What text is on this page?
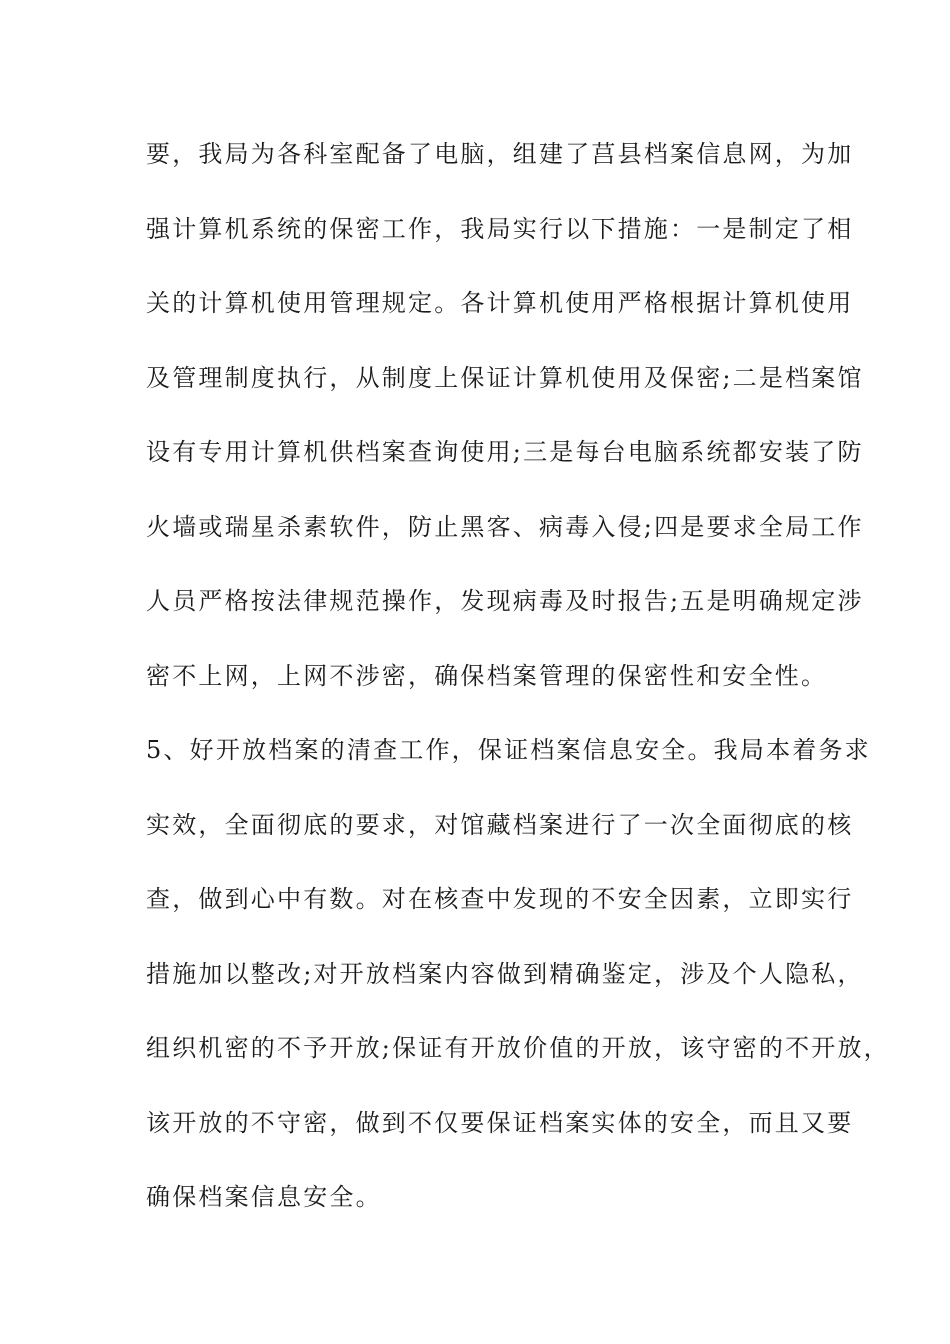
要，我局为各科室配备了电脑，组建了莒县档案信息网，为加
强计算机系统的保密工作，我局实行以下措施：一是制定了相
关的计算机使用管理规定。各计算机使用严格根据计算机使用
及管理制度执行，从制度上保证计算机使用及保密;二是档案馆
设有专用计算机供档案查询使用;三是每台电脑系统都安装了防
火墙或瑞星杀素软件，防止黑客、病毒入侵;四是要求全局工作
人员严格按法律规范操作，发现病毒及时报告;五是明确规定涉
密不上网，上网不涉密，确保档案管理的保密性和安全性。
5、好开放档案的清查工作，保证档案信息安全。我局本着务求
实效，全面彻底的要求，对馆藏档案进行了一次全面彻底的核
查，做到心中有数。对在核查中发现的不安全因素，立即实行
措施加以整改;对开放档案内容做到精确鉴定，涉及个人隐私，
组织机密的不予开放;保证有开放价值的开放，该守密的不开放，
该开放的不守密，做到不仅要保证档案实体的安全，而且又要
确保档案信息安全。
